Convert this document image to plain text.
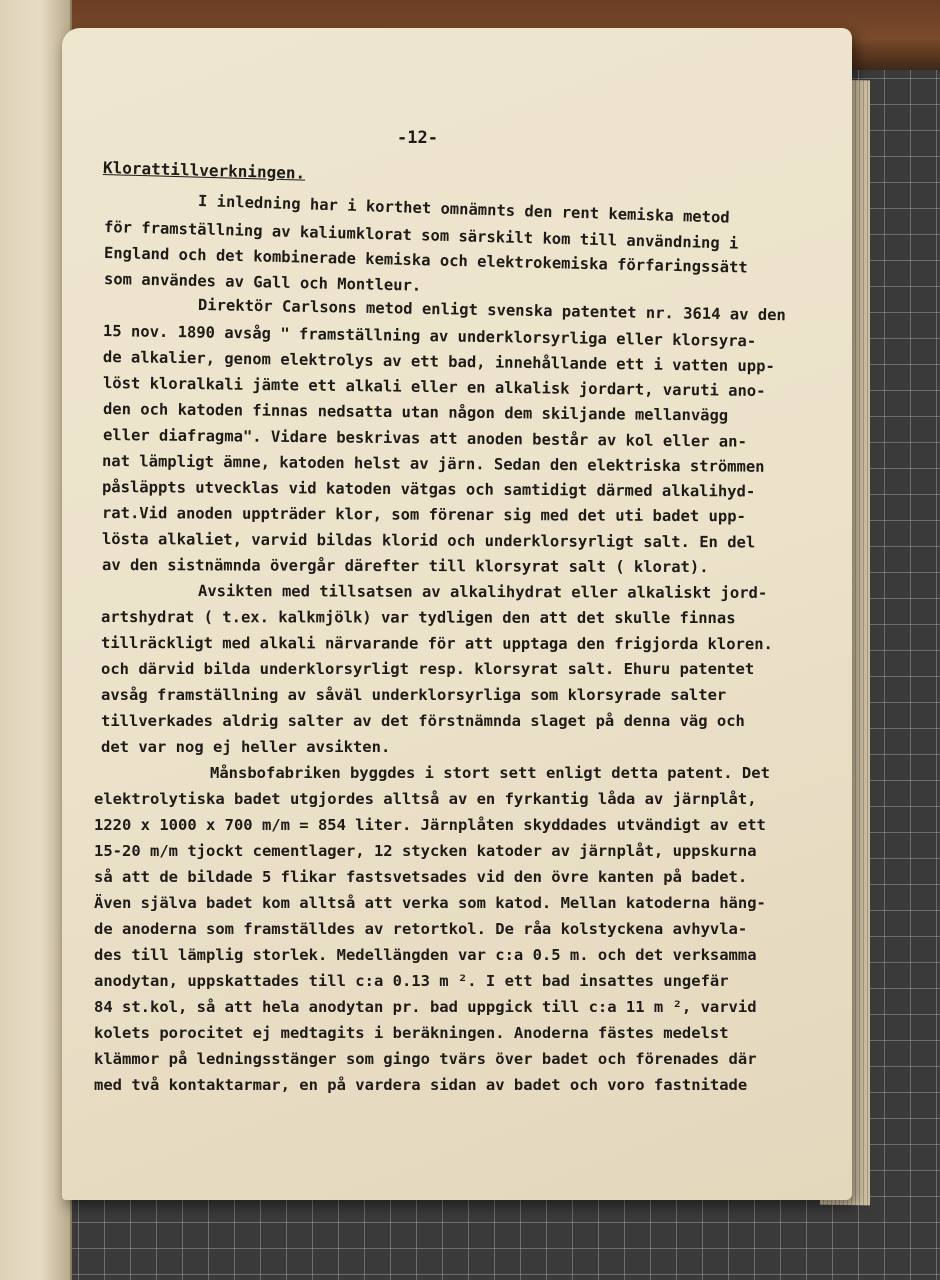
-12-
Klorattillverkningen.
I inledning har i korthet omnämnts den rent kemiska metod
för framställning av kaliumklorat som särskilt kom till användning i
England och det kombinerade kemiska och elektrokemiska förfaringssätt
som användes av Gall och Montleur.
Direktör Carlsons metod enligt svenska patentet nr. 3614 av den
15 nov. 1890 avsåg " framställning av underklorsyrliga eller klorsyra-
de alkalier, genom elektrolys av ett bad, innehållande ett i vatten upp-
löst kloralkali jämte ett alkali eller en alkalisk jordart, varuti ano-
den och katoden finnas nedsatta utan någon dem skiljande mellanvägg
eller diafragma". Vidare beskrivas att anoden består av kol eller an-
nat lämpligt ämne, katoden helst av järn. Sedan den elektriska strömmen
påsläppts utvecklas vid katoden vätgas och samtidigt därmed alkalihyd-
rat.Vid anoden uppträder klor, som förenar sig med det uti badet upp-
lösta alkaliet, varvid bildas klorid och underklorsyrligt salt. En del
av den sistnämnda övergår därefter till klorsyrat salt ( klorat).
Avsikten med tillsatsen av alkalihydrat eller alkaliskt jord-
artshydrat ( t.ex. kalkmjölk) var tydligen den att det skulle finnas
tillräckligt med alkali närvarande för att upptaga den frigjorda kloren.
och därvid bilda underklorsyrligt resp. klorsyrat salt. Ehuru patentet
avsåg framställning av såväl underklorsyrliga som klorsyrade salter
tillverkades aldrig salter av det förstnämnda slaget på denna väg och
det var nog ej heller avsikten.
Månsbofabriken byggdes i stort sett enligt detta patent. Det
elektrolytiska badet utgjordes alltså av en fyrkantig låda av järnplåt,
1220 x 1000 x 700 m/m = 854 liter. Järnplåten skyddades utvändigt av ett
15-20 m/m tjockt cementlager, 12 stycken katoder av järnplåt, uppskurna
så att de bildade 5 flikar fastsvetsades vid den övre kanten på badet.
Även själva badet kom alltså att verka som katod. Mellan katoderna häng-
de anoderna som framställdes av retortkol. De råa kolstyckena avhyvla-
des till lämplig storlek. Medellängden var c:a 0.5 m. och det verksamma
anodytan, uppskattades till c:a 0.13 m ². I ett bad insattes ungefär
84 st.kol, så att hela anodytan pr. bad uppgick till c:a 11 m ², varvid
kolets porocitet ej medtagits i beräkningen. Anoderna fästes medelst
klämmor på ledningsstänger som gingo tvärs över badet och förenades där
med två kontaktarmar, en på vardera sidan av badet och voro fastnitade
